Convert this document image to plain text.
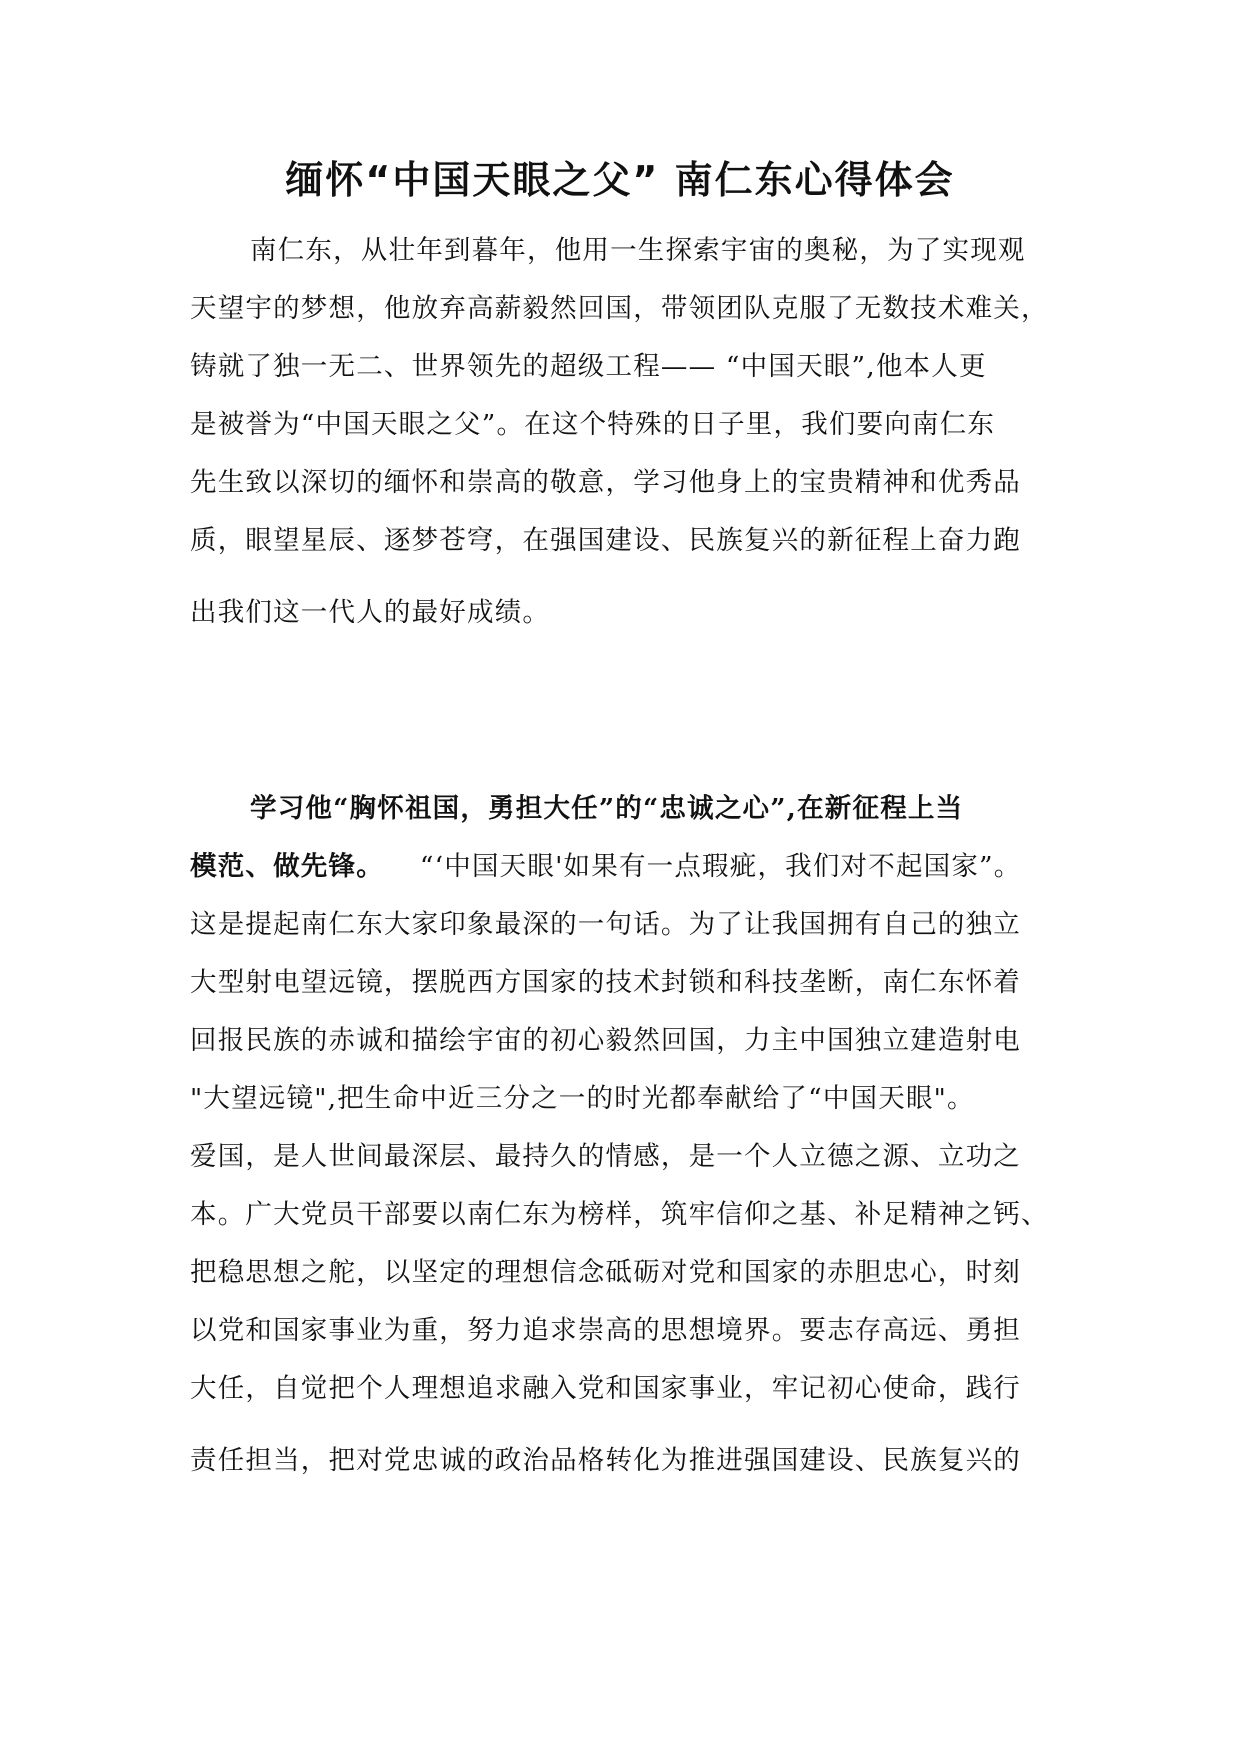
缅怀“中国天眼之父” 南仁东心得体会
南仁东，从壮年到暮年，他用一生探索宇宙的奥秘，为了实现观
天望宇的梦想，他放弃高薪毅然回国，带领团队克服了无数技术难关，
铸就了独一无二、世界领先的超级工程—— “中国天眼”,他本人更
是被誉为“中国天眼之父”。在这个特殊的日子里，我们要向南仁东
先生致以深切的缅怀和崇高的敬意，学习他身上的宝贵精神和优秀品
质，眼望星辰、逐梦苍穹，在强国建设、民族复兴的新征程上奋力跑
出我们这一代人的最好成绩。
学习他“胸怀祖国，勇担大任”的“忠诚之心”,在新征程上当
模范、做先锋。 “‘中国天眼'如果有一点瑕疵，我们对不起国家”。
这是提起南仁东大家印象最深的一句话。为了让我国拥有自己的独立
大型射电望远镜，摆脱西方国家的技术封锁和科技垄断，南仁东怀着
回报民族的赤诚和描绘宇宙的初心毅然回国，力主中国独立建造射电
"大望远镜",把生命中近三分之一的时光都奉献给了“中国天眼"。
爱国，是人世间最深层、最持久的情感，是一个人立德之源、立功之
本。广大党员干部要以南仁东为榜样，筑牢信仰之基、补足精神之钙、
把稳思想之舵，以坚定的理想信念砥砺对党和国家的赤胆忠心，时刻
以党和国家事业为重，努力追求崇高的思想境界。要志存高远、勇担
大任，自觉把个人理想追求融入党和国家事业，牢记初心使命，践行
责任担当，把对党忠诚的政治品格转化为推进强国建设、民族复兴的
